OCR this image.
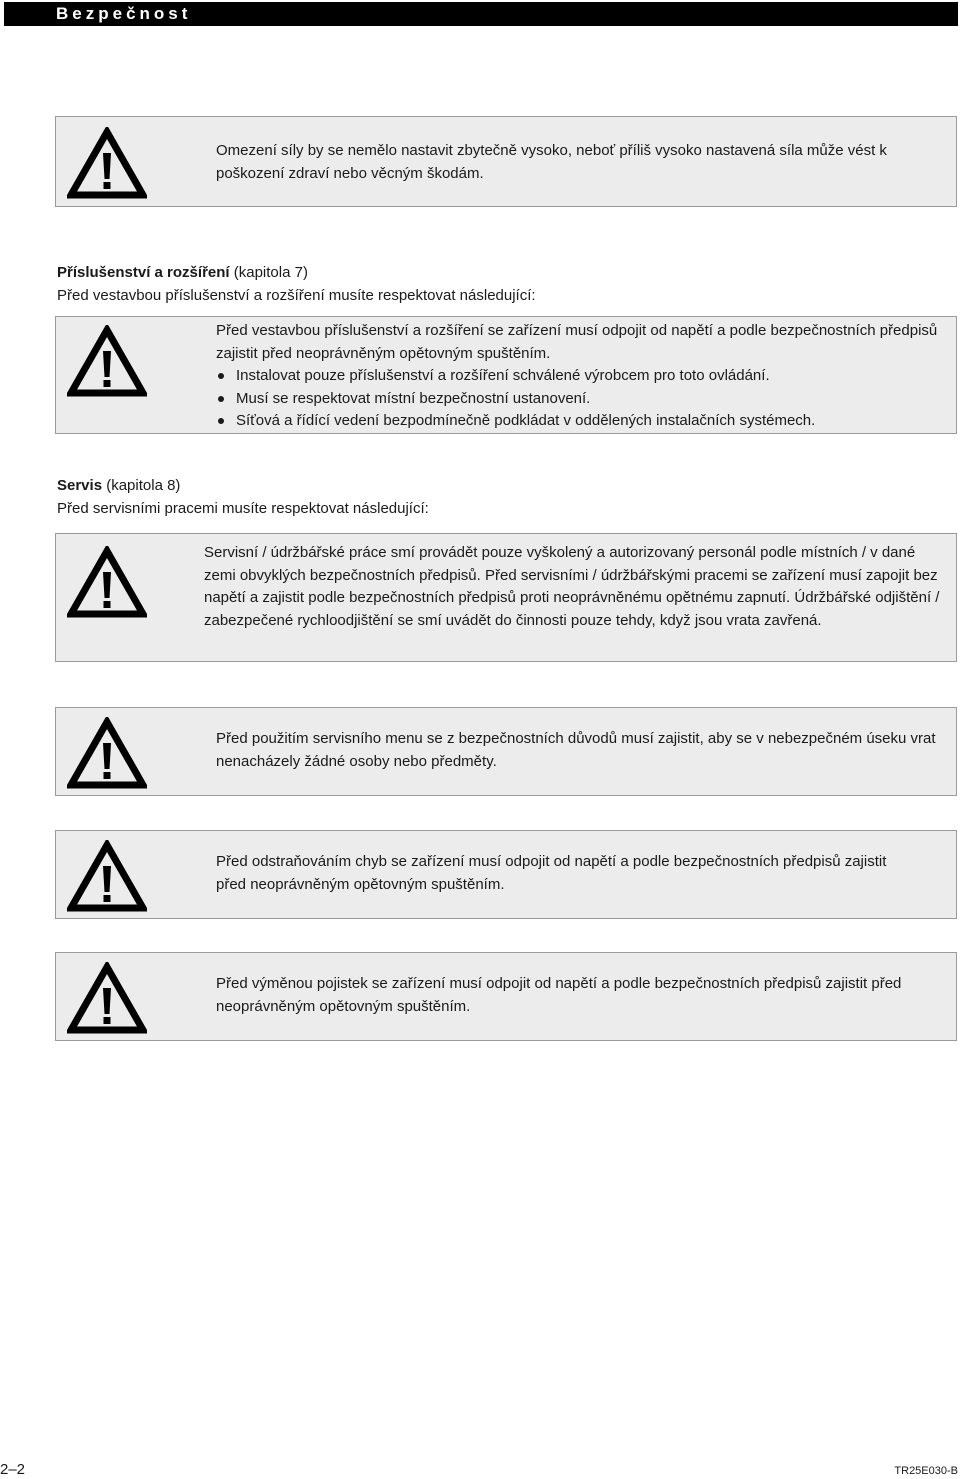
Bezpečnost

Omezení síly by se nemělo nastavit zbytečně vysoko, neboť příliš vysoko nastavená síla může vést k poškození zdraví nebo věcným škodám.

Příslušenství a rozšíření (kapitola 7)
Před vestavbou příslušenství a rozšíření musíte respektovat následující:

Před vestavbou příslušenství a rozšíření se zařízení musí odpojit od napětí a podle bezpečnostních předpisů zajistit před neoprávněným opětovným spuštěním.

Instalovat pouze příslušenství a rozšíření schválené výrobcem pro toto ovládání.
Musí se respektovat místní bezpečnostní ustanovení.
Síťová a řídící vedení bezpodmínečně podkládat v oddělených instalačních systémech.
Servis (kapitola 8)
Před servisními pracemi musíte respektovat následující:

Servisní / údržbářské práce smí provádět pouze vyškolený a autorizovaný personál podle místních / v dané zemi obvyklých bezpečnostních předpisů. Před servisními / údržbářskými pracemi se zařízení musí zapojit bez napětí a zajistit podle bezpečnostních předpisů proti neoprávněnému opětnému zapnutí. Údržbářské odjištění / zabezpečené rychloodjištění se smí uvádět do činnosti pouze tehdy, když jsou vrata zavřená.

Před použitím servisního menu se z bezpečnostních důvodů musí zajistit, aby se v nebezpečném úseku vrat nenacházely žádné osoby nebo předměty.

Před odstraňováním chyb se zařízení musí odpojit od napětí a podle bezpečnostních předpisů zajistit před neoprávněným opětovným spuštěním.

Před výměnou pojistek se zařízení musí odpojit od napětí a podle bezpečnostních předpisů zajistit před neoprávněným opětovným spuštěním.

2–2	TR25E030-B
